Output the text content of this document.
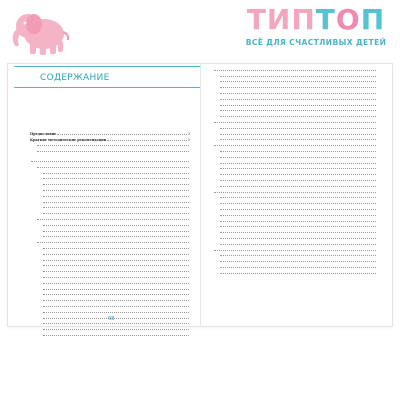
ТИПТОП
ВСЁ ДЛЯ СЧАСТЛИВЫХ ДЕТЕЙ
СОДЕРЖАНИЕ
Предисловие	3
Краткие методические рекомендации	5
98
